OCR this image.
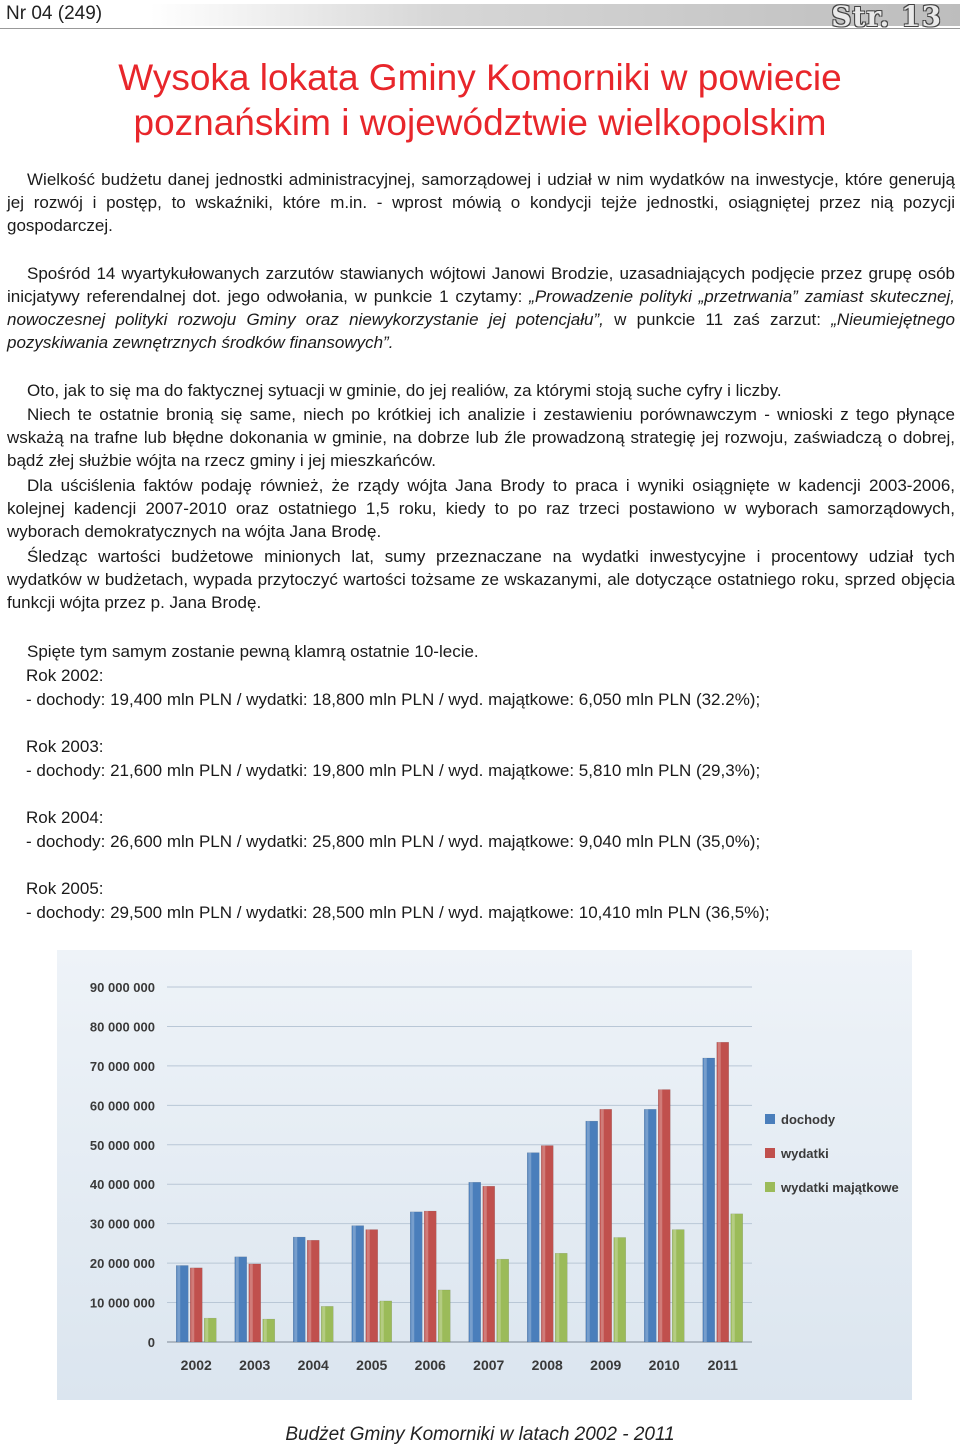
Nr 04 (249)	Str. 13
Wysoka lokata Gminy Komorniki w powiecie
poznańskim i województwie wielkopolskim

Wielkość budżetu danej jednostki administracyjnej, samorządowej i udział w nim wydatków na inwestycje, które generują jej rozwój i postęp, to wskaźniki, które m.in. - wprost mówią o kondycji tejże jednostki, osiągniętej przez nią pozycji gospodarczej.

Spośród 14 wyartykułowanych zarzutów stawianych wójtowi Janowi Brodzie, uzasadniających podjęcie przez grupę osób inicjatywy referendalnej dot. jego odwołania, w punkcie 1 czytamy: „Prowadzenie polityki „przetrwania” zamiast skutecznej, nowoczesnej polityki rozwoju Gminy oraz niewykorzystanie jej potencjału”, w punkcie 11 zaś zarzut: „Nieumiejętnego pozyskiwania zewnętrznych środków finansowych”.

Oto, jak to się ma do faktycznej sytuacji w gminie, do jej realiów, za którymi stoją suche cyfry i liczby.

Niech te ostatnie bronią się same, niech po krótkiej ich analizie i zestawieniu porównawczym - wnioski z tego płynące wskażą na trafne lub błędne dokonania w gminie, na dobrze lub źle prowadzoną strategię jej rozwoju, zaświadczą o dobrej, bądź złej służbie wójta na rzecz gminy i jej mieszkańców.

Dla uściślenia faktów podaję również, że rządy wójta Jana Brody to praca i wyniki osiągnięte w kadencji 2003-2006, kolejnej kadencji 2007-2010 oraz ostatniego 1,5 roku, kiedy to po raz trzeci postawiono w wyborach samorządowych, wyborach demokratycznych na wójta Jana Brodę.

Śledząc wartości budżetowe minionych lat, sumy przeznaczane na wydatki inwestycyjne i procentowy udział tych wydatków w budżetach, wypada przytoczyć wartości tożsame ze wskazanymi, ale dotyczące ostatniego roku, sprzed objęcia funkcji wójta przez p. Jana Brodę.

Spięte tym samym zostanie pewną klamrą ostatnie 10-lecie.

Rok 2002:

- dochody: 19,400 mln PLN / wydatki: 18,800 mln PLN / wyd. majątkowe: 6,050 mln PLN (32.2%);

Rok 2003:

- dochody: 21,600 mln PLN / wydatki: 19,800 mln PLN / wyd. majątkowe: 5,810 mln PLN (29,3%);

Rok 2004:

- dochody: 26,600 mln PLN / wydatki: 25,800 mln PLN / wyd. majątkowe: 9,040 mln PLN (35,0%);

Rok 2005:

- dochody: 29,500 mln PLN / wydatki: 28,500 mln PLN / wyd. majątkowe: 10,410 mln PLN (36,5%);

0
10 000 000
20 000 000
30 000 000
40 000 000
50 000 000
60 000 000
70 000 000
80 000 000
90 000 000
2002 2003 2004 2005 2006 2007 2008 2009 2010 2011
dochody
wydatki
wydatki majątkowe
Budżet Gminy Komorniki w latach 2002 - 2011
